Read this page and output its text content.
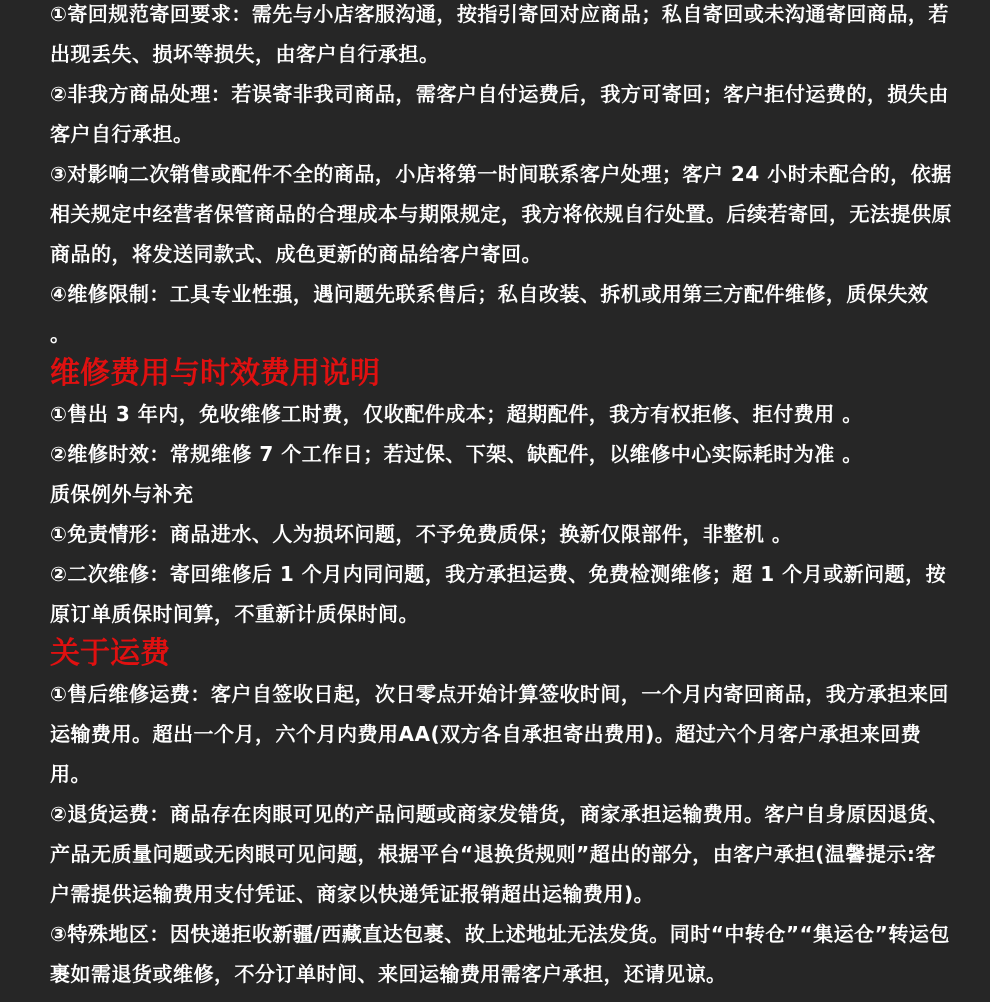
①寄回规范寄回要求：需先与小店客服沟通，按指引寄回对应商品；私自寄回或未沟通寄回商品，若出现丢失、损坏等损失，由客户自行承担。
②非我方商品处理：若误寄非我司商品，需客户自付运费后，我方可寄回；客户拒付运费的，损失由客户自行承担。
③对影响二次销售或配件不全的商品，小店将第一时间联系客户处理；客户 24 小时未配合的，依据相关规定中经营者保管商品的合理成本与期限规定，我方将依规自行处置。后续若寄回，无法提供原商品的，将发送同款式、成色更新的商品给客户寄回。
④维修限制：工具专业性强，遇问题先联系售后；私自改装、拆机或用第三方配件维修，质保失效 。
维修费用与时效费用说明
①售出 3 年内，免收维修工时费，仅收配件成本；超期配件，我方有权拒修、拒付费用 。
②维修时效：常规维修 7 个工作日；若过保、下架、缺配件，以维修中心实际耗时为准 。
质保例外与补充
①免责情形：商品进水、人为损坏问题，不予免费质保；换新仅限部件，非整机 。
②二次维修：寄回维修后 1 个月内同问题，我方承担运费、免费检测维修；超 1 个月或新问题，按原订单质保时间算，不重新计质保时间。
关于运费
①售后维修运费：客户自签收日起，次日零点开始计算签收时间，一个月内寄回商品，我方承担来回运输费用。超出一个月，六个月内费用AA(双方各自承担寄出费用)。超过六个月客户承担来回费用。
②退货运费：商品存在肉眼可见的产品问题或商家发错货，商家承担运输费用。客户自身原因退货、产品无质量问题或无肉眼可见问题，根据平台“退换货规则”超出的部分，由客户承担(温馨提示:客户需提供运输费用支付凭证、商家以快递凭证报销超出运输费用)。
③特殊地区：因快递拒收新疆/西藏直达包裹、故上述地址无法发货。同时“中转仓”“集运仓”转运包裹如需退货或维修，不分订单时间、来回运输费用需客户承担，还请见谅。
